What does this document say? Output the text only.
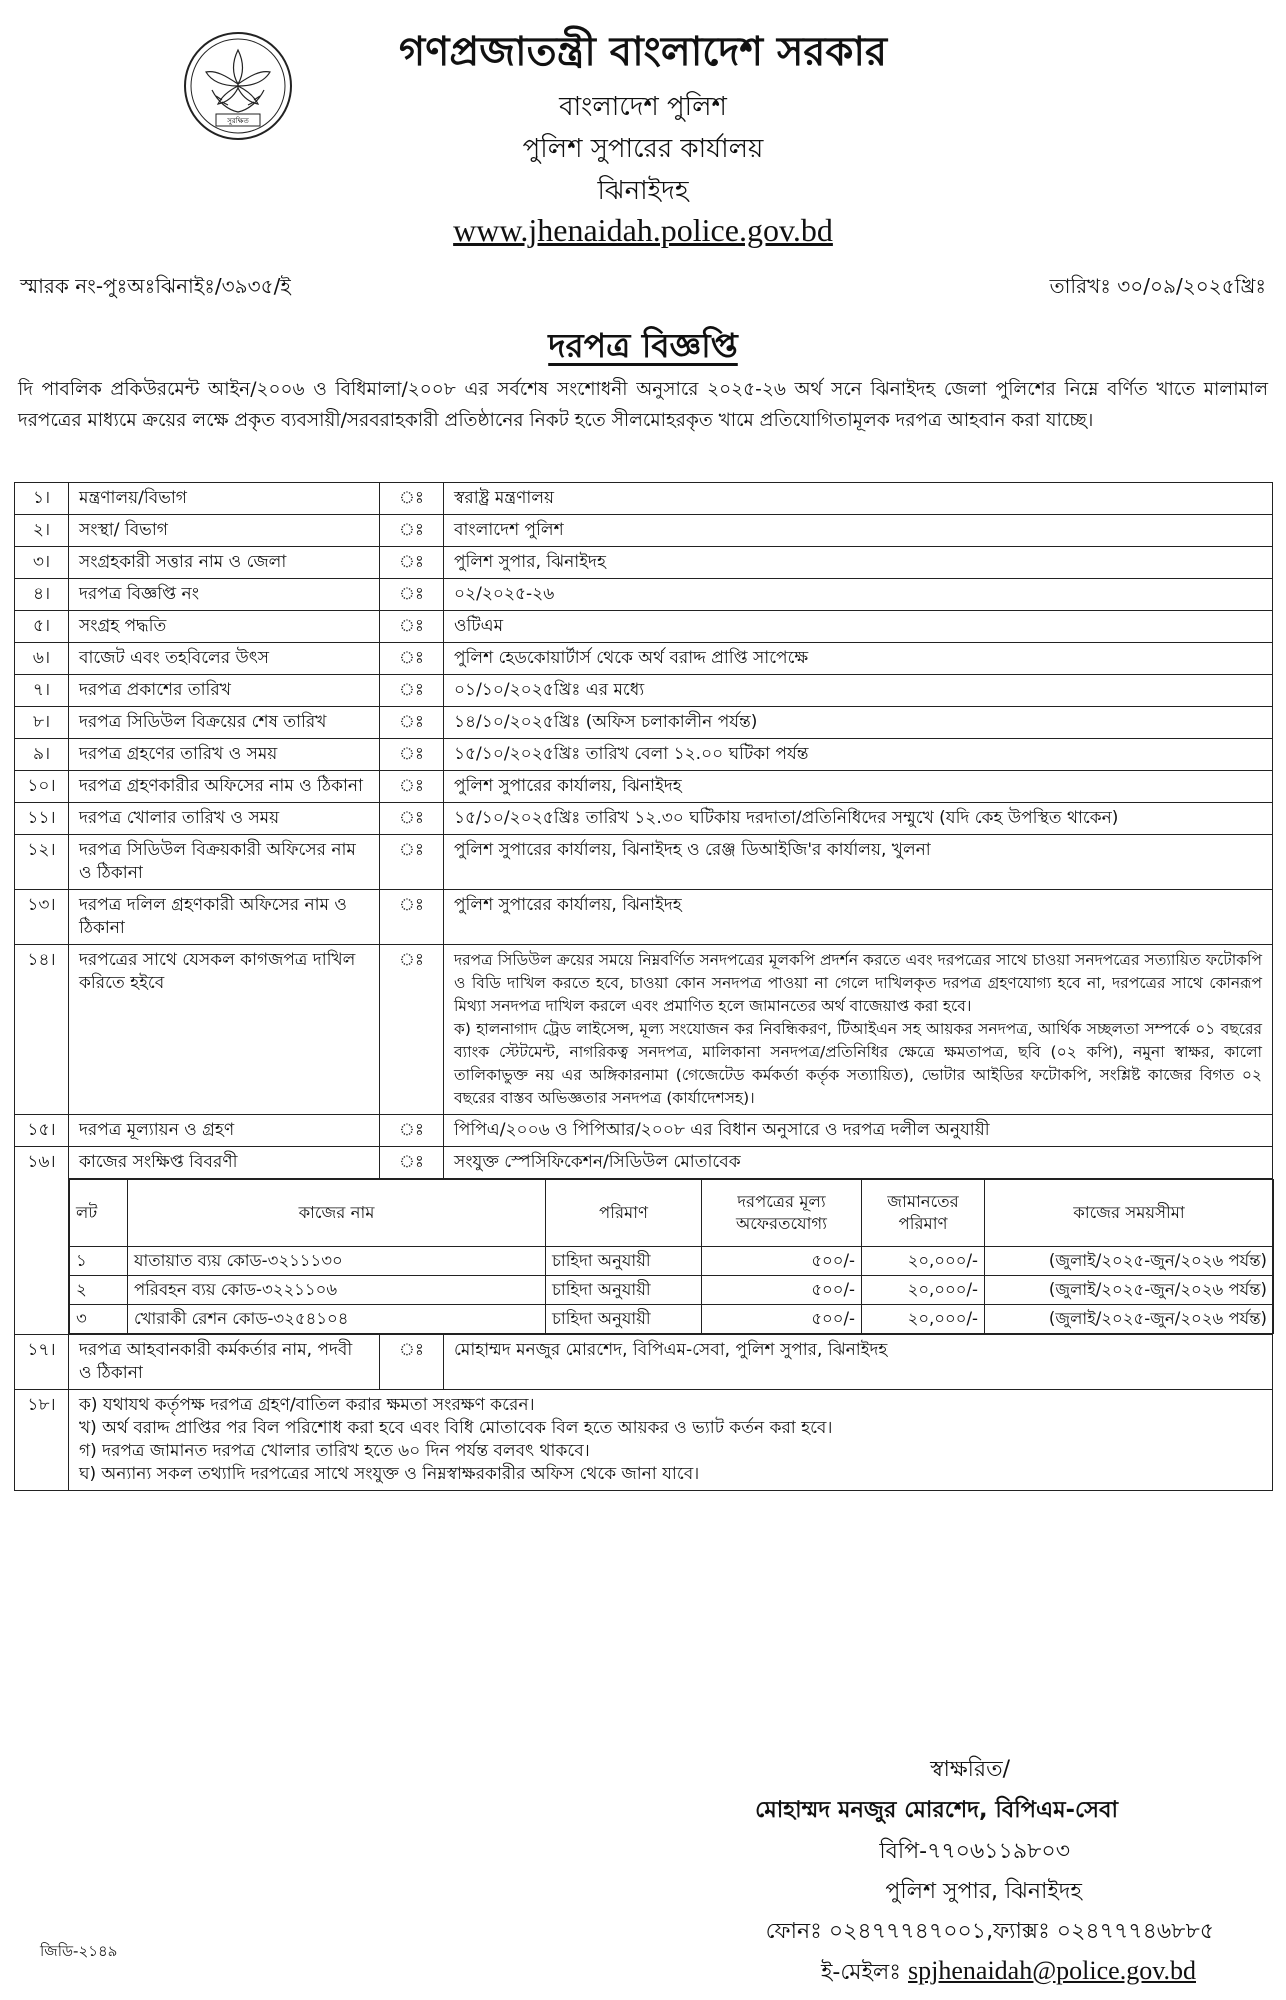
সুরক্ষিত
গণপ্রজাতন্ত্রী বাংলাদেশ সরকার
বাংলাদেশ পুলিশ
পুলিশ সুপারের কার্যালয়
ঝিনাইদহ
www.jhenaidah.police.gov.bd
স্মারক নং-পুঃঅঃঝিনাইঃ/৩৯৩৫/ই	তারিখঃ ৩০/০৯/২০২৫খ্রিঃ
দরপত্র বিজ্ঞপ্তি
দি পাবলিক প্রকিউরমেন্ট আইন/২০০৬ ও বিধিমালা/২০০৮ এর সর্বশেষ সংশোধনী অনুসারে ২০২৫-২৬ অর্থ সনে ঝিনাইদহ জেলা পুলিশের নিম্নে বর্ণিত খাতে মালামাল দরপত্রের মাধ্যমে ক্রয়ের লক্ষে প্রকৃত ব্যবসায়ী/সরবরাহকারী প্রতিষ্ঠানের নিকট হতে সীলমোহরকৃত খামে প্রতিযোগিতামূলক দরপত্র আহবান করা যাচ্ছে।
১।	মন্ত্রণালয়/বিভাগ	ঃ	স্বরাষ্ট্র মন্ত্রণালয়
২।	সংস্থা/ বিভাগ	ঃ	বাংলাদেশ পুলিশ
৩।	সংগ্রহকারী সত্তার নাম ও জেলা	ঃ	পুলিশ সুপার, ঝিনাইদহ
৪।	দরপত্র বিজ্ঞপ্তি নং	ঃ	০২/২০২৫-২৬
৫।	সংগ্রহ পদ্ধতি	ঃ	ওটিএম
৬।	বাজেট এবং তহবিলের উৎস	ঃ	পুলিশ হেডকোয়ার্টার্স থেকে অর্থ বরাদ্দ প্রাপ্তি সাপেক্ষে
৭।	দরপত্র প্রকাশের তারিখ	ঃ	০১/১০/২০২৫খ্রিঃ এর মধ্যে
৮।	দরপত্র সিডিউল বিক্রয়ের শেষ তারিখ	ঃ	১৪/১০/২০২৫খ্রিঃ (অফিস চলাকালীন পর্যন্ত)
৯।	দরপত্র গ্রহণের তারিখ ও সময়	ঃ	১৫/১০/২০২৫খ্রিঃ তারিখ বেলা ১২.০০ ঘটিকা পর্যন্ত
১০।	দরপত্র গ্রহণকারীর অফিসের নাম ও ঠিকানা	ঃ	পুলিশ সুপারের কার্যালয়, ঝিনাইদহ
১১।	দরপত্র খোলার তারিখ ও সময়	ঃ	১৫/১০/২০২৫খ্রিঃ তারিখ ১২.৩০ ঘটিকায় দরদাতা/প্রতিনিধিদের সম্মুখে (যদি কেহ উপস্থিত থাকেন)
১২।	দরপত্র সিডিউল বিক্রয়কারী অফিসের নাম ও ঠিকানা	ঃ	পুলিশ সুপারের কার্যালয়, ঝিনাইদহ ও রেঞ্জ ডিআইজি'র কার্যালয়, খুলনা
১৩।	দরপত্র দলিল গ্রহণকারী অফিসের নাম ও ঠিকানা	ঃ	পুলিশ সুপারের কার্যালয়, ঝিনাইদহ
১৪।	দরপত্রের সাথে যেসকল কাগজপত্র দাখিল করিতে হইবে	ঃ	দরপত্র সিডিউল ক্রয়ের সময়ে নিম্নবর্ণিত সনদপত্রের মূলকপি প্রদর্শন করতে এবং দরপত্রের সাথে চাওয়া সনদপত্রের সত্যায়িত ফটোকপি ও বিডি দাখিল করতে হবে, চাওয়া কোন সনদপত্র পাওয়া না গেলে দাখিলকৃত দরপত্র গ্রহণযোগ্য হবে না, দরপত্রের সাথে কোনরূপ মিথ্যা সনদপত্র দাখিল করলে এবং প্রমাণিত হলে জামানতের অর্থ বাজেয়াপ্ত করা হবে।
ক) হালনাগাদ ট্রেড লাইসেন্স, মূল্য সংযোজন কর নিবন্ধিকরণ, টিআইএন সহ আয়কর সনদপত্র, আর্থিক সচ্ছলতা সম্পর্কে ০১ বছরের ব্যাংক স্টেটমেন্ট, নাগরিকত্ব সনদপত্র, মালিকানা সনদপত্র/প্রতিনিধির ক্ষেত্রে ক্ষমতাপত্র, ছবি (০২ কপি), নমুনা স্বাক্ষর, কালো তালিকাভুক্ত নয় এর অঙ্গিকারনামা (গেজেটেড কর্মকর্তা কর্তৃক সত্যায়িত), ভোটার আইডির ফটোকপি, সংশ্লিষ্ট কাজের বিগত ০২ বছরের বাস্তব অভিজ্ঞতার সনদপত্র (কার্যাদেশসহ)।

১৫।	দরপত্র মূল্যায়ন ও গ্রহণ	ঃ	পিপিএ/২০০৬ ও পিপিআর/২০০৮ এর বিধান অনুসারে ও দরপত্র দলীল অনুযায়ী
১৬।	কাজের সংক্ষিপ্ত বিবরণী	ঃ	সংযুক্ত স্পেসিফিকেশন/সিডিউল মোতাবেক

লট	কাজের নাম	পরিমাণ	দরপত্রের মূল্য অফেরতযোগ্য	জামানতের পরিমাণ	কাজের সময়সীমা
১	যাতায়াত ব্যয় কোড-৩২১১১৩০	চাহিদা অনুযায়ী	৫০০/-	২০,০০০/-	(জুলাই/২০২৫-জুন/২০২৬ পর্যন্ত)
২	পরিবহন ব্যয় কোড-৩২২১১০৬	চাহিদা অনুযায়ী	৫০০/-	২০,০০০/-	(জুলাই/২০২৫-জুন/২০২৬ পর্যন্ত)
৩	খোরাকী রেশন কোড-৩২৫৪১০৪	চাহিদা অনুযায়ী	৫০০/-	২০,০০০/-	(জুলাই/২০২৫-জুন/২০২৬ পর্যন্ত)

১৭।	দরপত্র আহবানকারী কর্মকর্তার নাম, পদবী ও ঠিকানা	ঃ	মোহাম্মদ মনজুর মোরশেদ, বিপিএম-সেবা, পুলিশ সুপার, ঝিনাইদহ
১৮।	ক) যথাযথ কর্তৃপক্ষ দরপত্র গ্রহণ/বাতিল করার ক্ষমতা সংরক্ষণ করেন।
খ) অর্থ বরাদ্দ প্রাপ্তির পর বিল পরিশোধ করা হবে এবং বিধি মোতাবেক বিল হতে আয়কর ও ভ্যাট কর্তন করা হবে।
গ) দরপত্র জামানত দরপত্র খোলার তারিখ হতে ৬০ দিন পর্যন্ত বলবৎ থাকবে।
ঘ) অন্যান্য সকল তথ্যাদি দরপত্রের সাথে সংযুক্ত ও নিম্নস্বাক্ষরকারীর অফিস থেকে জানা যাবে।
স্বাক্ষরিত/
মোহাম্মদ মনজুর মোরশেদ, বিপিএম-সেবা
বিপি-৭৭০৬১১৯৮০৩
পুলিশ সুপার, ঝিনাইদহ
ফোনঃ ০২৪৭৭৭৪৭০০১,ফ্যাক্সঃ ০২৪৭৭৭৪৬৮৮৫
ই-মেইলঃ spjhenaidah@police.gov.bd
জিডি-২১৪৯
